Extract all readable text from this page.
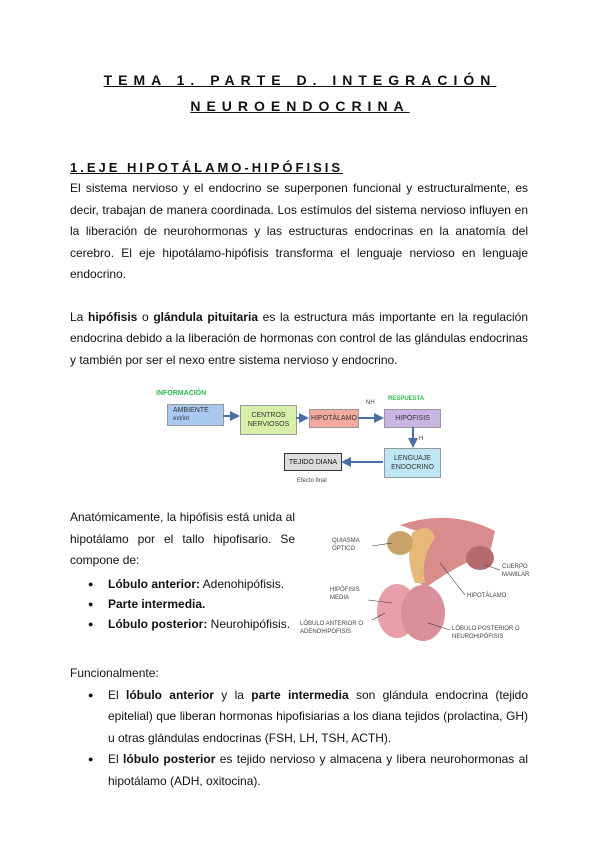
TEMA 1. PARTE D. INTEGRACIÓN
NEUROENDOCRINA
1.EJE HIPOTÁLAMO-HIPÓFISIS

El sistema nervioso y el endocrino se superponen funcional y estructuralmente, es decir, trabajan de manera coordinada. Los estímulos del sistema nervioso influyen en la liberación de neurohormonas y las estructuras endocrinas en la anatomía del cerebro. El eje hipotálamo-hipófisis transforma el lenguaje nervioso en lenguaje endocrino.

La hipófisis o glándula pituitaria es la estructura más importante en la regulación endocrina debido a la liberación de hormonas con control de las glándulas endocrinas y también por ser el nexo entre sistema nervioso y endocrino.

INFORMACIÓN
RESPUESTA
AMBIENTE
ext/int	CENTROS NERVIOSOS
HIPOTÁLAMO	HIPÓFISIS
NH
H
LENGUAJE ENDOCRINO
TEJIDO DIANA
Efecto final

Anatómicamente, la hipófisis está unida al hipotálamo por el tallo hipofisario. Se compone de:

● Lóbulo anterior: Adenohipófisis.
● Parte intermedia.
● Lóbulo posterior: Neurohipófisis.
QUIASMA ÓPTICO
CUERPO MAMILAR
HIPOTÁLAMO
HIPÓFISIS MEDIA
LÓBULO ANTERIOR O ADENOHIPÓFISIS	LÓBULO POSTERIOR O NEUROHIPÓFISIS

Funcionalmente:

● El lóbulo anterior y la parte intermedia son glándula endocrina (tejido epitelial) que liberan hormonas hipofisiarias a los diana tejidos (prolactina, GH) u otras glándulas endocrinas (FSH, LH, TSH, ACTH).
● El lóbulo posterior es tejido nervioso y almacena y libera neurohormonas al hipotálamo (ADH, oxitocina).
